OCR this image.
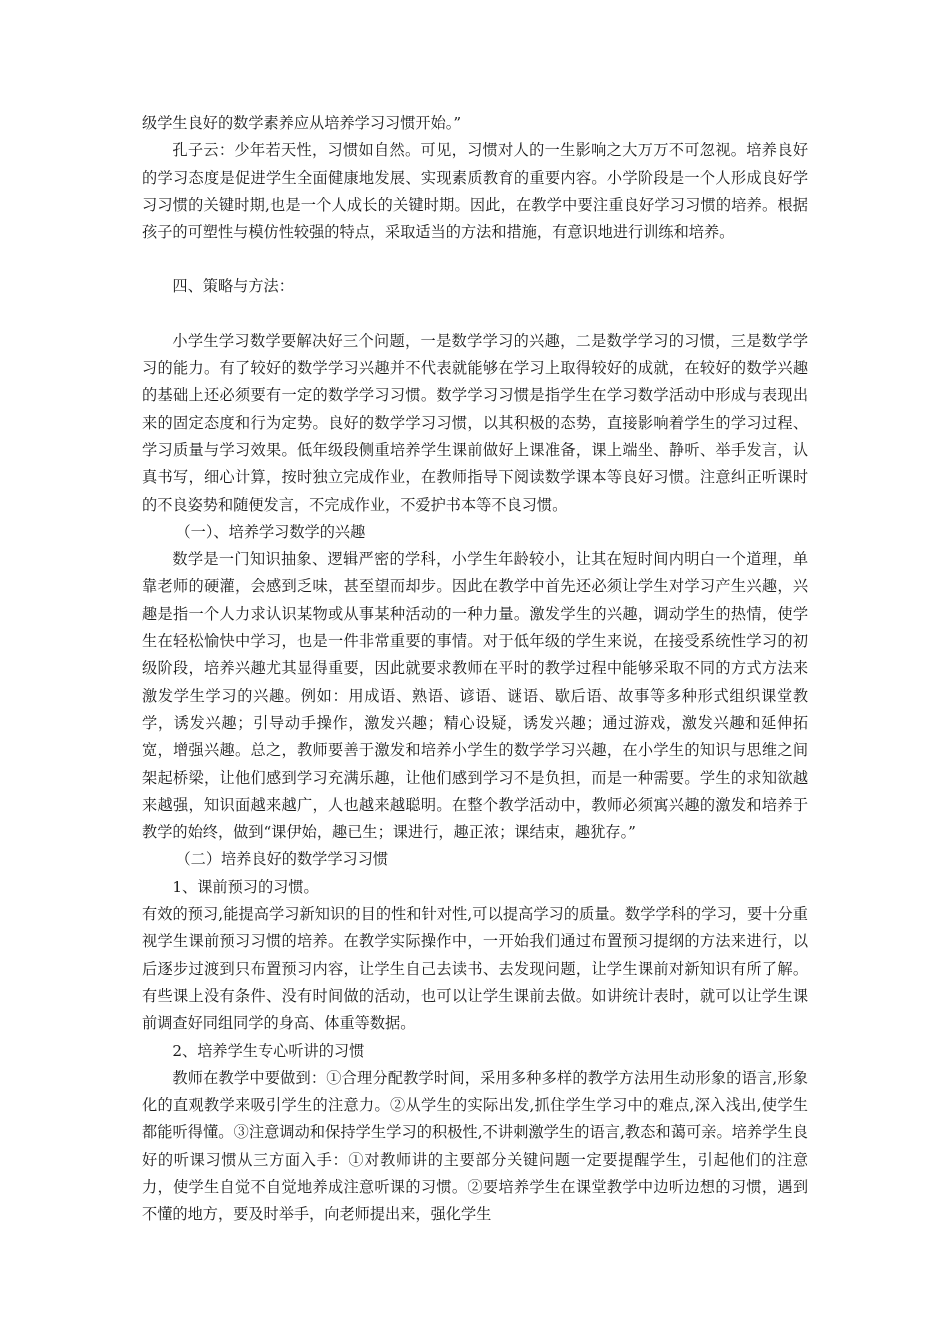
级学生良好的数学素养应从培养学习习惯开始。”

孔子云：少年若天性，习惯如自然。可见，习惯对人的一生影响之大万万不可忽视。培养良好的学习态度是促进学生全面健康地发展、实现素质教育的重要内容。小学阶段是一个人形成良好学习习惯的关键时期,也是一个人成长的关键时期。因此，在教学中要注重良好学习习惯的培养。根据孩子的可塑性与模仿性较强的特点，采取适当的方法和措施，有意识地进行训练和培养。

四、策略与方法：

小学生学习数学要解决好三个问题，一是数学学习的兴趣，二是数学学习的习惯，三是数学学习的能力。有了较好的数学学习兴趣并不代表就能够在学习上取得较好的成就，在较好的数学兴趣的基础上还必须要有一定的数学学习习惯。数学学习习惯是指学生在学习数学活动中形成与表现出来的固定态度和行为定势。良好的数学学习习惯，以其积极的态势，直接影响着学生的学习过程、学习质量与学习效果。低年级段侧重培养学生课前做好上课准备，课上端坐、静听、举手发言，认真书写，细心计算，按时独立完成作业，在教师指导下阅读数学课本等良好习惯。注意纠正听课时的不良姿势和随便发言，不完成作业，不爱护书本等不良习惯。

（一）、培养学习数学的兴趣

数学是一门知识抽象、逻辑严密的学科，小学生年龄较小，让其在短时间内明白一个道理，单靠老师的硬灌，会感到乏味，甚至望而却步。因此在教学中首先还必须让学生对学习产生兴趣，兴趣是指一个人力求认识某物或从事某种活动的一种力量。激发学生的兴趣，调动学生的热情，使学生在轻松愉快中学习，也是一件非常重要的事情。对于低年级的学生来说，在接受系统性学习的初级阶段，培养兴趣尤其显得重要，因此就要求教师在平时的教学过程中能够采取不同的方式方法来激发学生学习的兴趣。例如：用成语、熟语、谚语、谜语、歇后语、故事等多种形式组织课堂教学，诱发兴趣；引导动手操作，激发兴趣；精心设疑，诱发兴趣；通过游戏，激发兴趣和延伸拓宽，增强兴趣。总之，教师要善于激发和培养小学生的数学学习兴趣，在小学生的知识与思维之间架起桥梁，让他们感到学习充满乐趣，让他们感到学习不是负担，而是一种需要。学生的求知欲越来越强，知识面越来越广，人也越来越聪明。在整个教学活动中，教师必须寓兴趣的激发和培养于教学的始终，做到“课伊始，趣已生；课进行，趣正浓；课结束，趣犹存。”

（二）培养良好的数学学习习惯

1、课前预习的习惯。

有效的预习,能提高学习新知识的目的性和针对性,可以提高学习的质量。数学学科的学习，要十分重视学生课前预习习惯的培养。在教学实际操作中，一开始我们通过布置预习提纲的方法来进行，以后逐步过渡到只布置预习内容，让学生自己去读书、去发现问题，让学生课前对新知识有所了解。有些课上没有条件、没有时间做的活动，也可以让学生课前去做。如讲统计表时，就可以让学生课前调查好同组同学的身高、体重等数据。

2、培养学生专心听讲的习惯

教师在教学中要做到：①合理分配教学时间，采用多种多样的教学方法用生动形象的语言,形象化的直观教学来吸引学生的注意力。②从学生的实际出发,抓住学生学习中的难点,深入浅出,使学生都能听得懂。③注意调动和保持学生学习的积极性,不讲刺激学生的语言,教态和蔼可亲。培养学生良好的听课习惯从三方面入手：①对教师讲的主要部分关键问题一定要提醒学生，引起他们的注意力，使学生自觉不自觉地养成注意听课的习惯。②要培养学生在课堂教学中边听边想的习惯，遇到不懂的地方，要及时举手，向老师提出来，强化学生
